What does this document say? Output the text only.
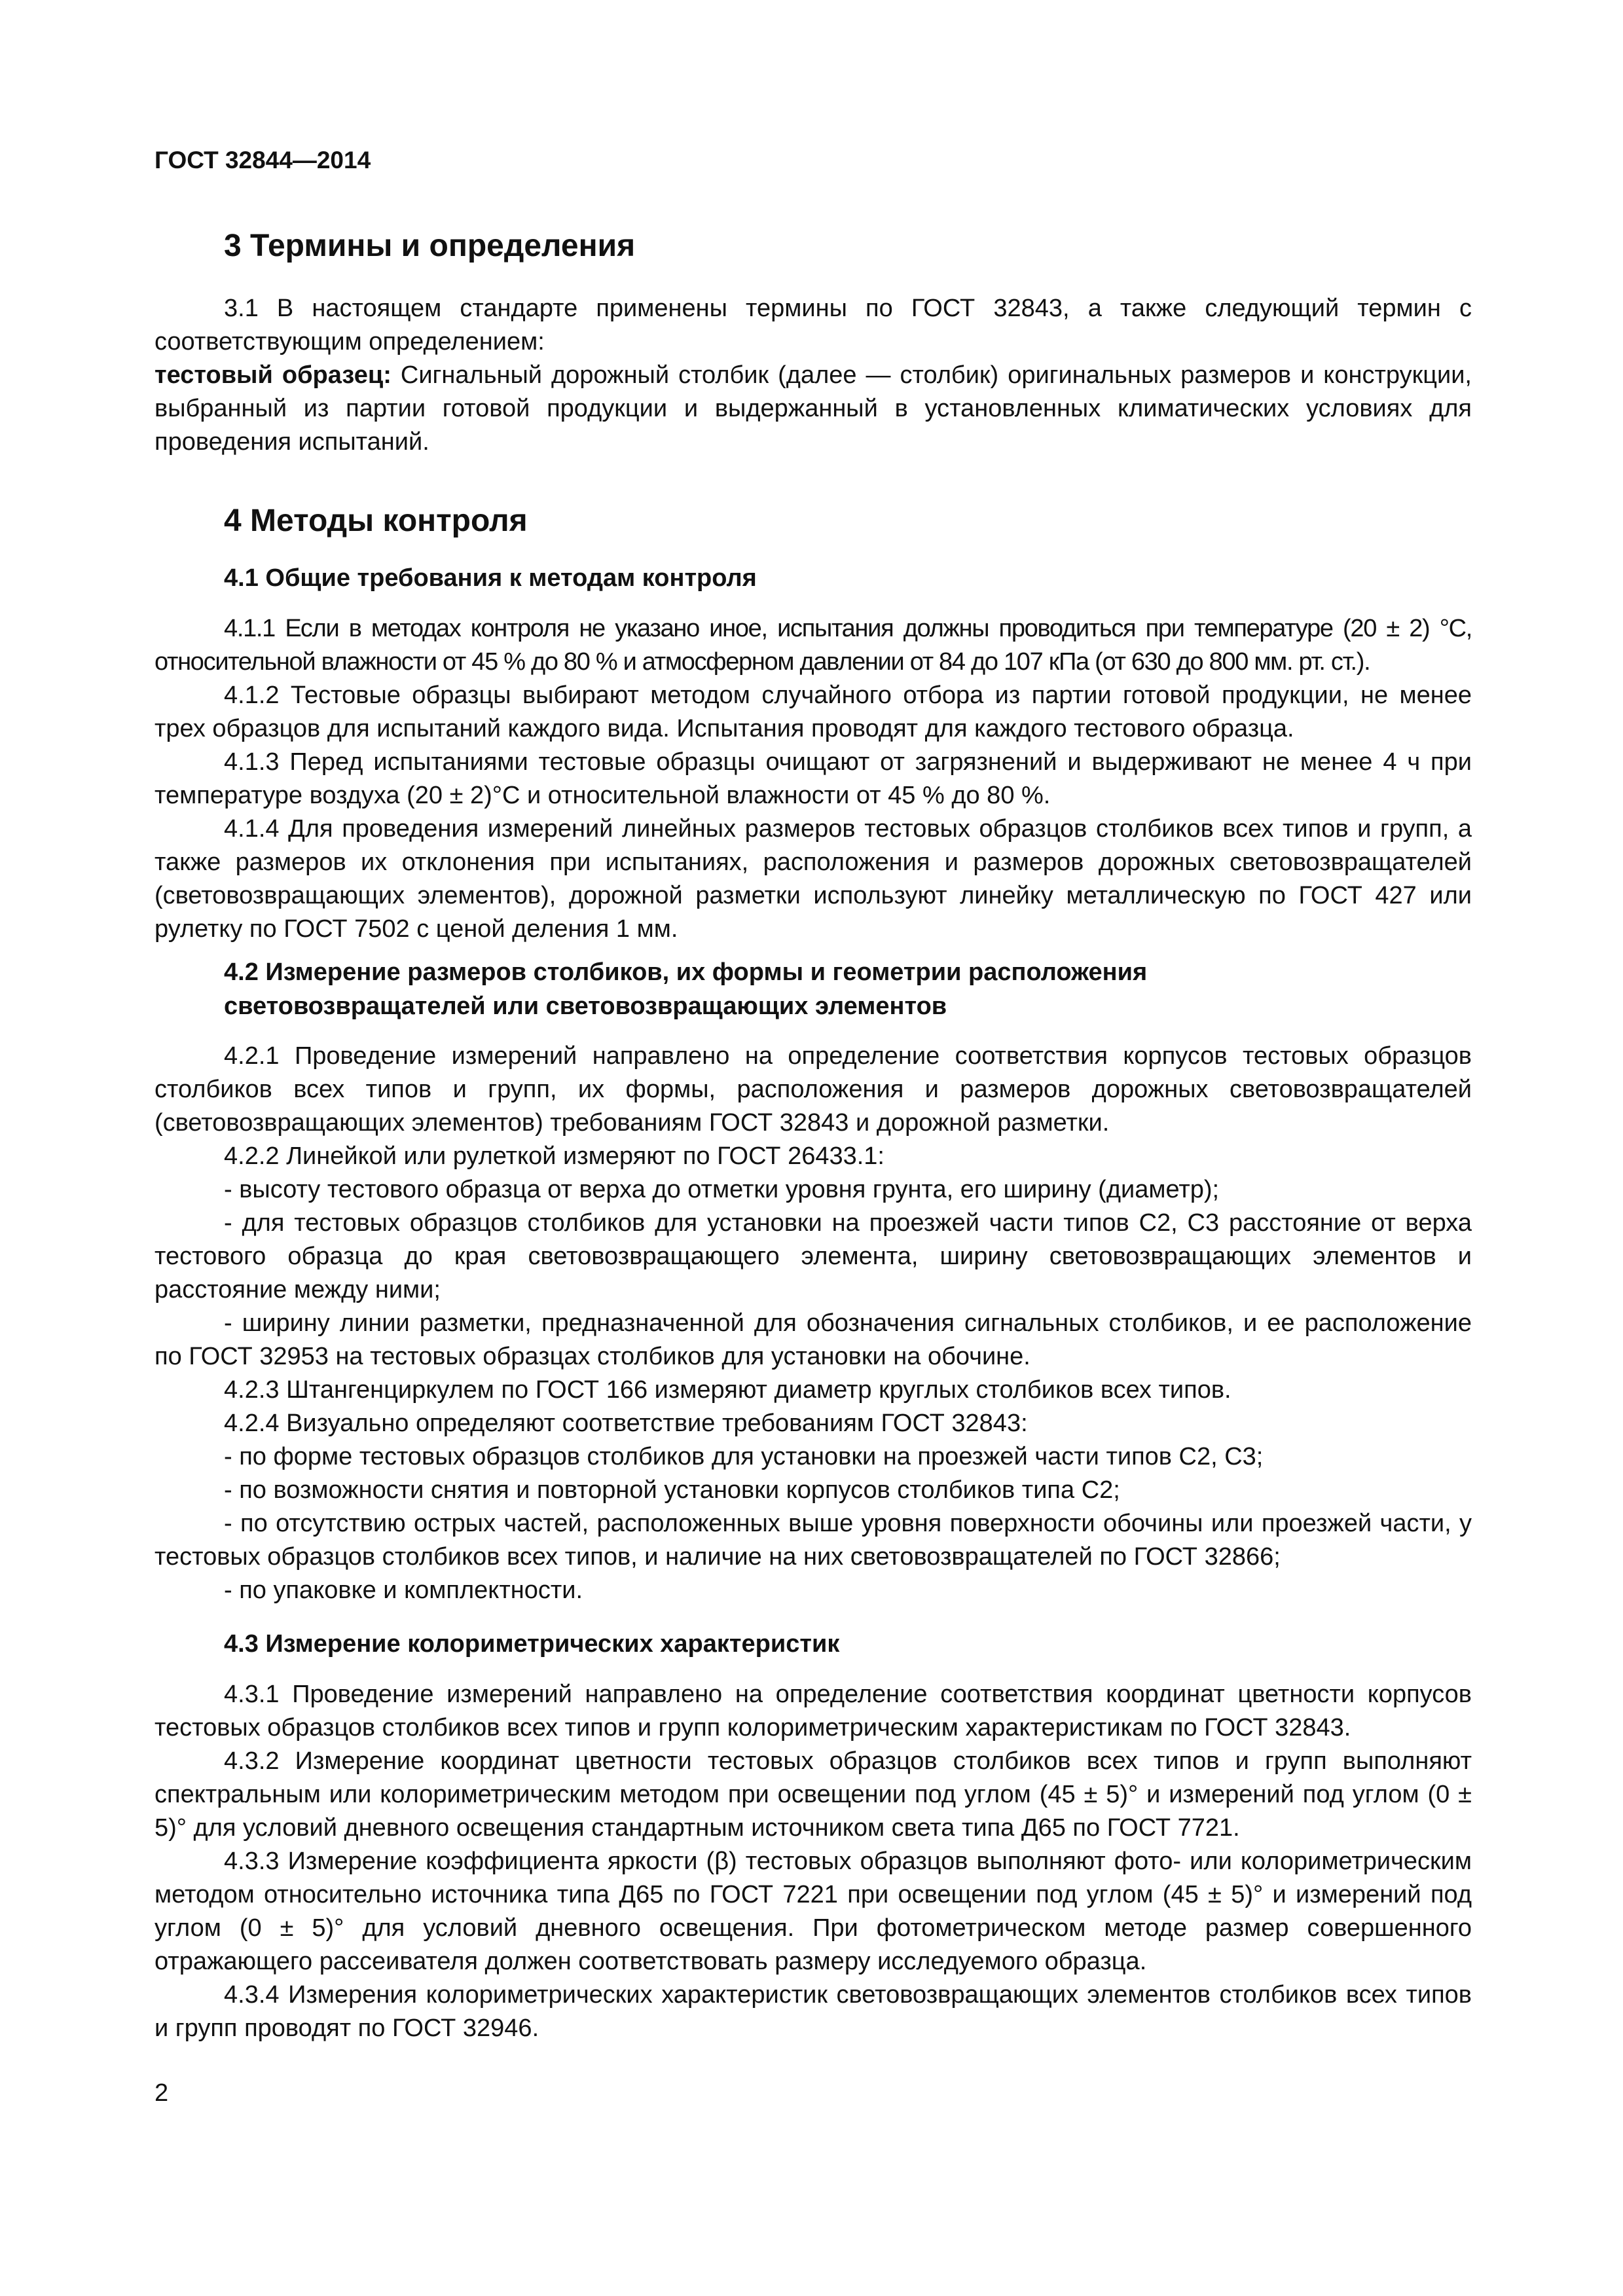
ГОСТ 32844—2014
3 Термины и определения

3.1 В настоящем стандарте применены термины по ГОСТ 32843, а также следующий термин с соответствующим определением:

тестовый образец: Сигнальный дорожный столбик (далее — столбик) оригинальных размеров и конструкции, выбранный из партии готовой продукции и выдержанный в установленных климатических условиях для проведения испытаний.

4 Методы контроля
4.1 Общие требования к методам контроля

4.1.1 Если в методах контроля не указано иное, испытания должны проводиться при температуре (20 ± 2) °С, относительной влажности от 45 % до 80 % и атмосферном давлении от 84 до 107 кПа (от 630 до 800 мм. рт. ст.).

4.1.2 Тестовые образцы выбирают методом случайного отбора из партии готовой продукции, не менее трех образцов для испытаний каждого вида. Испытания проводят для каждого тестового образца.

4.1.3 Перед испытаниями тестовые образцы очищают от загрязнений и выдерживают не менее 4 ч при температуре воздуха (20 ± 2)°С и относительной влажности от 45 % до 80 %.

4.1.4 Для проведения измерений линейных размеров тестовых образцов столбиков всех типов и групп, а также размеров их отклонения при испытаниях, расположения и размеров дорожных световозвращателей (световозвращающих элементов), дорожной разметки используют линейку металлическую по ГОСТ 427 или рулетку по ГОСТ 7502 с ценой деления 1 мм.

4.2 Измерение размеров столбиков, их формы и геометрии расположения
световозвращателей или световозвращающих элементов

4.2.1 Проведение измерений направлено на определение соответствия корпусов тестовых образцов столбиков всех типов и групп, их формы, расположения и размеров дорожных световозвращателей (световозвращающих элементов) требованиям ГОСТ 32843 и дорожной разметки.

4.2.2 Линейкой или рулеткой измеряют по ГОСТ 26433.1:

- высоту тестового образца от верха до отметки уровня грунта, его ширину (диаметр);

- для тестовых образцов столбиков для установки на проезжей части типов С2, С3 расстояние от верха тестового образца до края световозвращающего элемента, ширину световозвращающих элементов и расстояние между ними;

- ширину линии разметки, предназначенной для обозначения сигнальных столбиков, и ее расположение по ГОСТ 32953 на тестовых образцах столбиков для установки на обочине.

4.2.3 Штангенциркулем по ГОСТ 166 измеряют диаметр круглых столбиков всех типов.

4.2.4 Визуально определяют соответствие требованиям ГОСТ 32843:

- по форме тестовых образцов столбиков для установки на проезжей части типов С2, С3;

- по возможности снятия и повторной установки корпусов столбиков типа С2;

- по отсутствию острых частей, расположенных выше уровня поверхности обочины или проезжей части, у тестовых образцов столбиков всех типов, и наличие на них световозвращателей по ГОСТ 32866;

- по упаковке и комплектности.

4.3 Измерение колориметрических характеристик

4.3.1 Проведение измерений направлено на определение соответствия координат цветности корпусов тестовых образцов столбиков всех типов и групп колориметрическим характеристикам по ГОСТ 32843.

4.3.2 Измерение координат цветности тестовых образцов столбиков всех типов и групп выполняют спектральным или колориметрическим методом при освещении под углом (45 ± 5)° и измерений под углом (0 ± 5)° для условий дневного освещения стандартным источником света типа Д65 по ГОСТ 7721.

4.3.3 Измерение коэффициента яркости (β) тестовых образцов выполняют фото- или колориметрическим методом относительно источника типа Д65 по ГОСТ 7221 при освещении под углом (45 ± 5)° и измерений под углом (0 ± 5)° для условий дневного освещения. При фотометрическом методе размер совершенного отражающего рассеивателя должен соответствовать размеру исследуемого образца.

4.3.4 Измерения колориметрических характеристик световозвращающих элементов столбиков всех типов и групп проводят по ГОСТ 32946.

2
